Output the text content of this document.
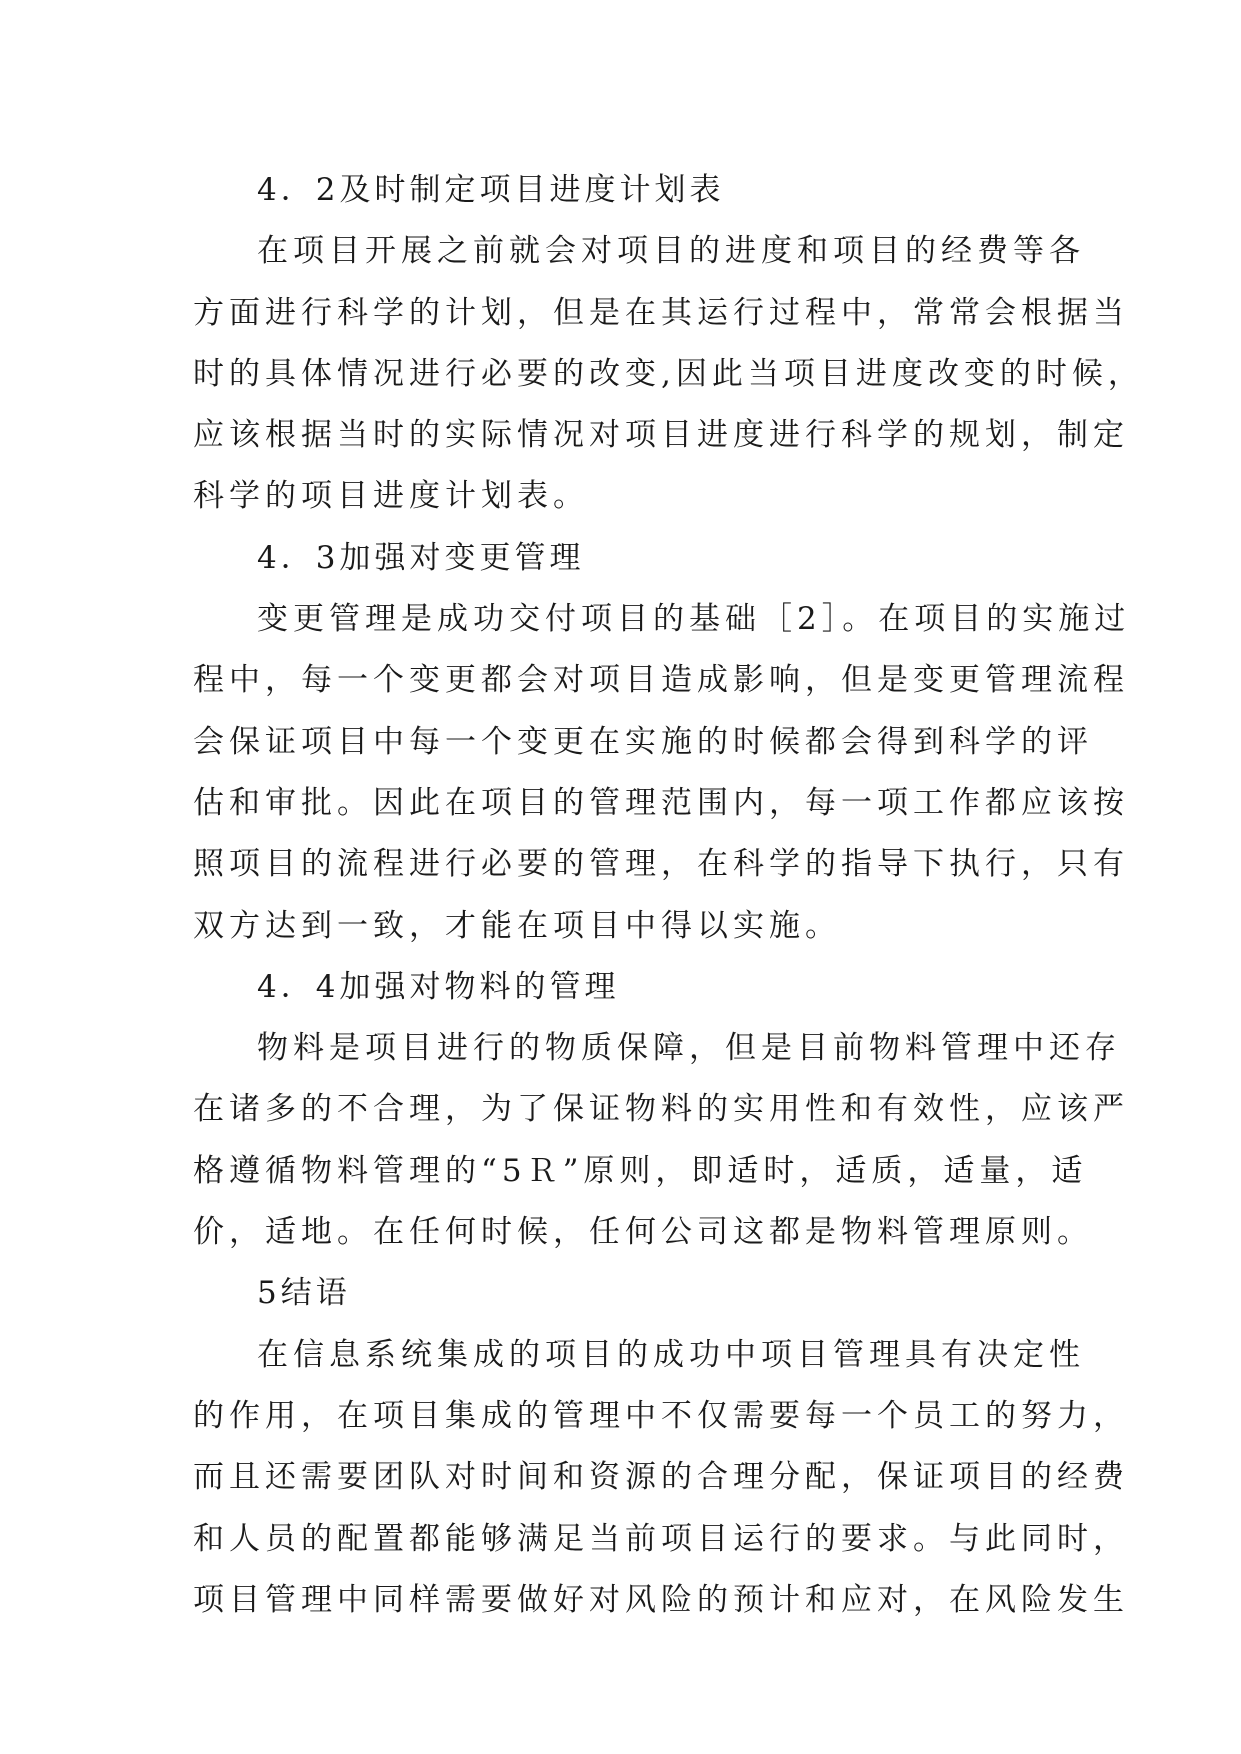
4．2及时制定项目进度计划表
在项目开展之前就会对项目的进度和项目的经费等各
方面进行科学的计划，但是在其运行过程中，常常会根据当
时的具体情况进行必要的改变,因此当项目进度改变的时候，
应该根据当时的实际情况对项目进度进行科学的规划，制定
科学的项目进度计划表。
4．3加强对变更管理
变更管理是成功交付项目的基础［2］。在项目的实施过
程中，每一个变更都会对项目造成影响，但是变更管理流程
会保证项目中每一个变更在实施的时候都会得到科学的评
估和审批。因此在项目的管理范围内，每一项工作都应该按
照项目的流程进行必要的管理，在科学的指导下执行，只有
双方达到一致，才能在项目中得以实施。
4．4加强对物料的管理
物料是项目进行的物质保障，但是目前物料管理中还存
在诸多的不合理，为了保证物料的实用性和有效性，应该严
格遵循物料管理的“5Ｒ”原则，即适时，适质，适量，适
价，适地。在任何时候，任何公司这都是物料管理原则。
5结语
在信息系统集成的项目的成功中项目管理具有决定性
的作用，在项目集成的管理中不仅需要每一个员工的努力，
而且还需要团队对时间和资源的合理分配，保证项目的经费
和人员的配置都能够满足当前项目运行的要求。与此同时，
项目管理中同样需要做好对风险的预计和应对，在风险发生
